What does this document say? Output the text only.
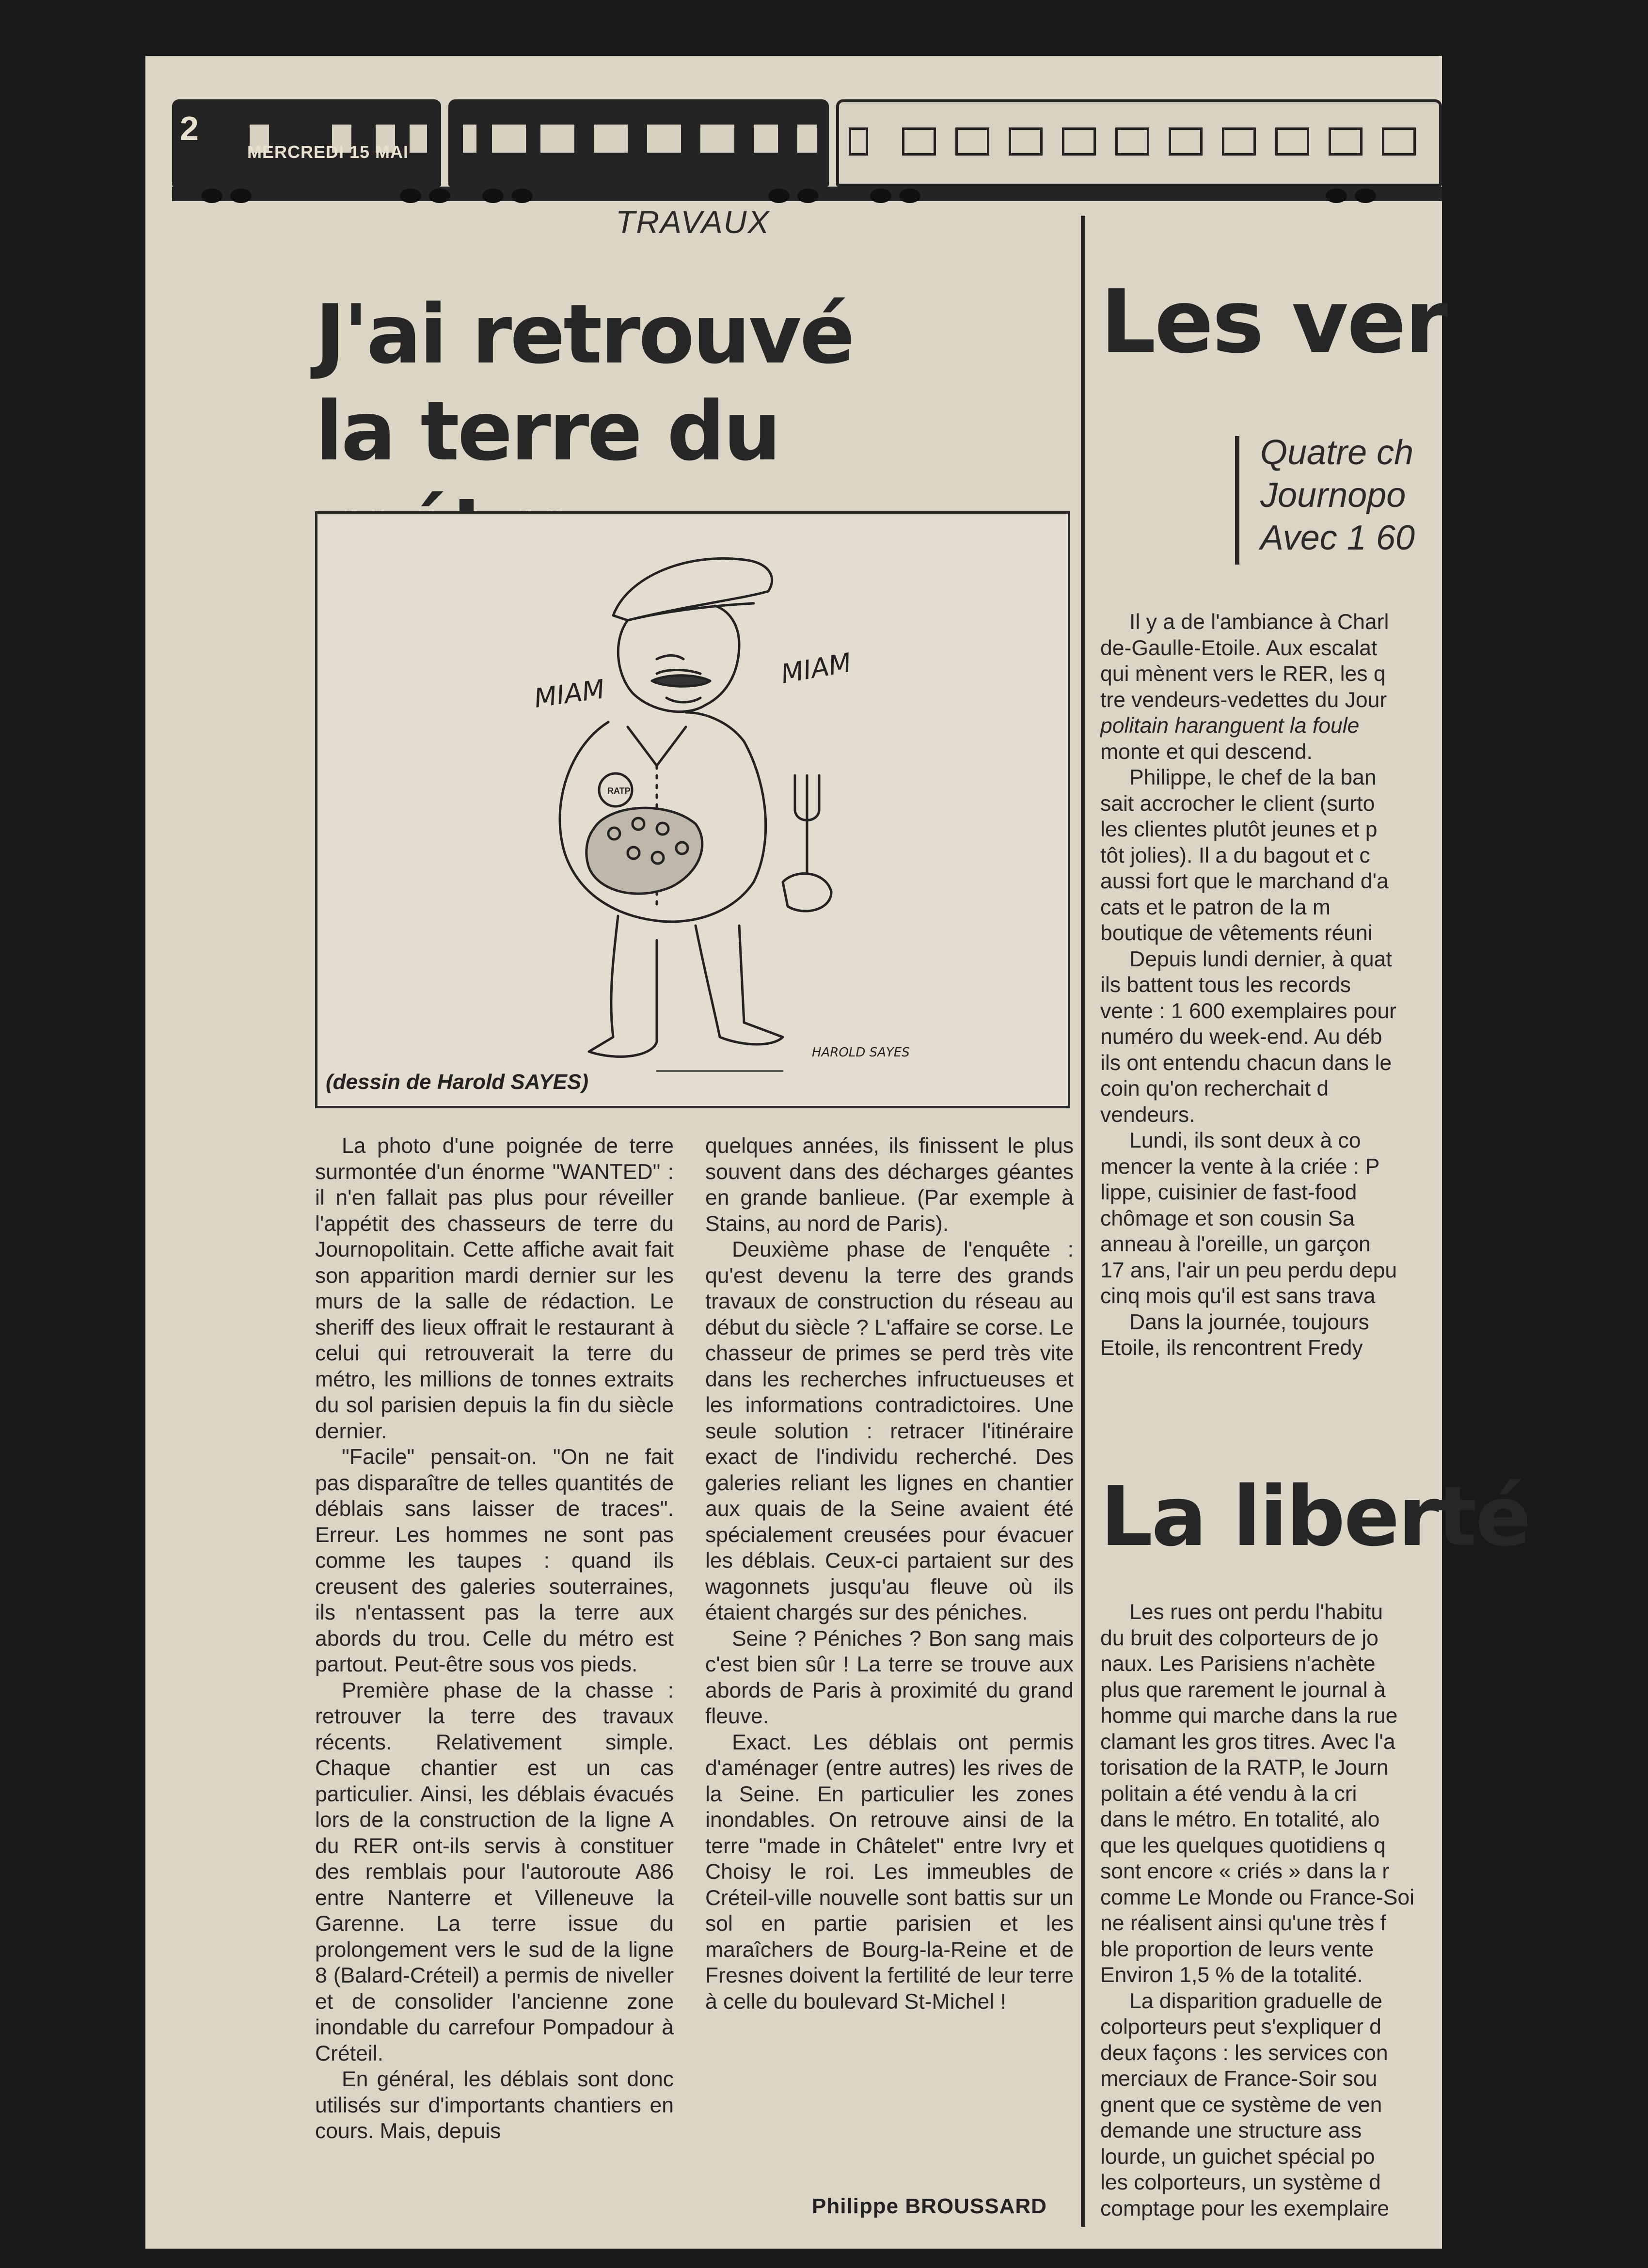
2
MERCREDI 15 MAI
TRAVAUX
J'ai retrouvé
la terre du
MIAM
MIAM
RATP
HAROLD SAYES
(dessin de Harold SAYES)

La photo d'une poignée de terre surmontée d'un énorme "WANTED" : il n'en fallait pas plus pour réveiller l'appétit des chasseurs de terre du Journopolitain. Cette affiche avait fait son apparition mardi dernier sur les murs de la salle de rédaction. Le sheriff des lieux offrait le restaurant à celui qui retrouverait la terre du métro, les millions de tonnes extraits du sol parisien depuis la fin du siècle dernier.

"Facile" pensait-on. "On ne fait pas disparaître de telles quantités de déblais sans laisser de traces". Erreur. Les hommes ne sont pas comme les taupes : quand ils creusent des galeries souterraines, ils n'entassent pas la terre aux abords du trou. Celle du métro est partout. Peut-être sous vos pieds.

Première phase de la chasse : retrouver la terre des travaux récents. Relativement simple. Chaque chantier est un cas particulier. Ainsi, les déblais évacués lors de la construction de la ligne A du RER ont-ils servis à constituer des remblais pour l'autoroute A86 entre Nanterre et Villeneuve la Garenne. La terre issue du prolongement vers le sud de la ligne 8 (Balard-Créteil) a permis de niveller et de consolider l'ancienne zone inondable du carrefour Pompadour à Créteil.

En général, les déblais sont donc utilisés sur d'importants chantiers en cours. Mais, depuis

quelques années, ils finissent le plus souvent dans des décharges géantes en grande banlieue. (Par exemple à Stains, au nord de Paris).

Deuxième phase de l'enquête : qu'est devenu la terre des grands travaux de construction du réseau au début du siècle ? L'affaire se corse. Le chasseur de primes se perd très vite dans les recherches infructueuses et les informations contradictoires. Une seule solution : retracer l'itinéraire exact de l'individu recherché. Des galeries reliant les lignes en chantier aux quais de la Seine avaient été spécialement creusées pour évacuer les déblais. Ceux-ci partaient sur des wagonnets jusqu'au fleuve où ils étaient chargés sur des péniches.

Seine ? Péniches ? Bon sang mais c'est bien sûr ! La terre se trouve aux abords de Paris à proximité du grand fleuve.

Exact. Les déblais ont permis d'aménager (entre autres) les rives de la Seine. En particulier les zones inondables. On retrouve ainsi de la terre "made in Châtelet" entre Ivry et Choisy le roi. Les immeubles de Créteil-ville nouvelle sont battis sur un sol en partie parisien et les maraîchers de Bourg-la-Reine et de Fresnes doivent la fertilité de leur terre à celle du boulevard St-Michel !

Philippe BROUSSARD
Les ver
Quatre ch
Journopo
Avec 1 60

Il y a de l'ambiance à Charl

de-Gaulle-Etoile. Aux escalat

qui mènent vers le RER, les q

tre vendeurs-vedettes du Jour

politain haranguent la foule

monte et qui descend.

Philippe, le chef de la ban

sait accrocher le client (surto

les clientes plutôt jeunes et p

tôt jolies). Il a du bagout et c

aussi fort que le marchand d'a

cats et le patron de la m

boutique de vêtements réuni

Depuis lundi dernier, à quat

ils battent tous les records

vente : 1 600 exemplaires pour

numéro du week-end. Au déb

ils ont entendu chacun dans le

coin qu'on recherchait d

vendeurs.

Lundi, ils sont deux à co

mencer la vente à la criée : P

lippe, cuisinier de fast-food

chômage et son cousin Sa

anneau à l'oreille, un garçon

17 ans, l'air un peu perdu depu

cinq mois qu'il est sans trava

Dans la journée, toujours

Etoile, ils rencontrent Fredy

La liberté

Les rues ont perdu l'habitu

du bruit des colporteurs de jo

naux. Les Parisiens n'achète

plus que rarement le journal à

homme qui marche dans la rue

clamant les gros titres. Avec l'a

torisation de la RATP, le Journ

politain a été vendu à la cri

dans le métro. En totalité, alo

que les quelques quotidiens q

sont encore « criés » dans la r

comme Le Monde ou France-Soi

ne réalisent ainsi qu'une très f

ble proportion de leurs vente

Environ 1,5 % de la totalité.

La disparition graduelle de

colporteurs peut s'expliquer d

deux façons : les services con

merciaux de France-Soir sou

gnent que ce système de ven

demande une structure ass

lourde, un guichet spécial po

les colporteurs, un système d

comptage pour les exemplaire
